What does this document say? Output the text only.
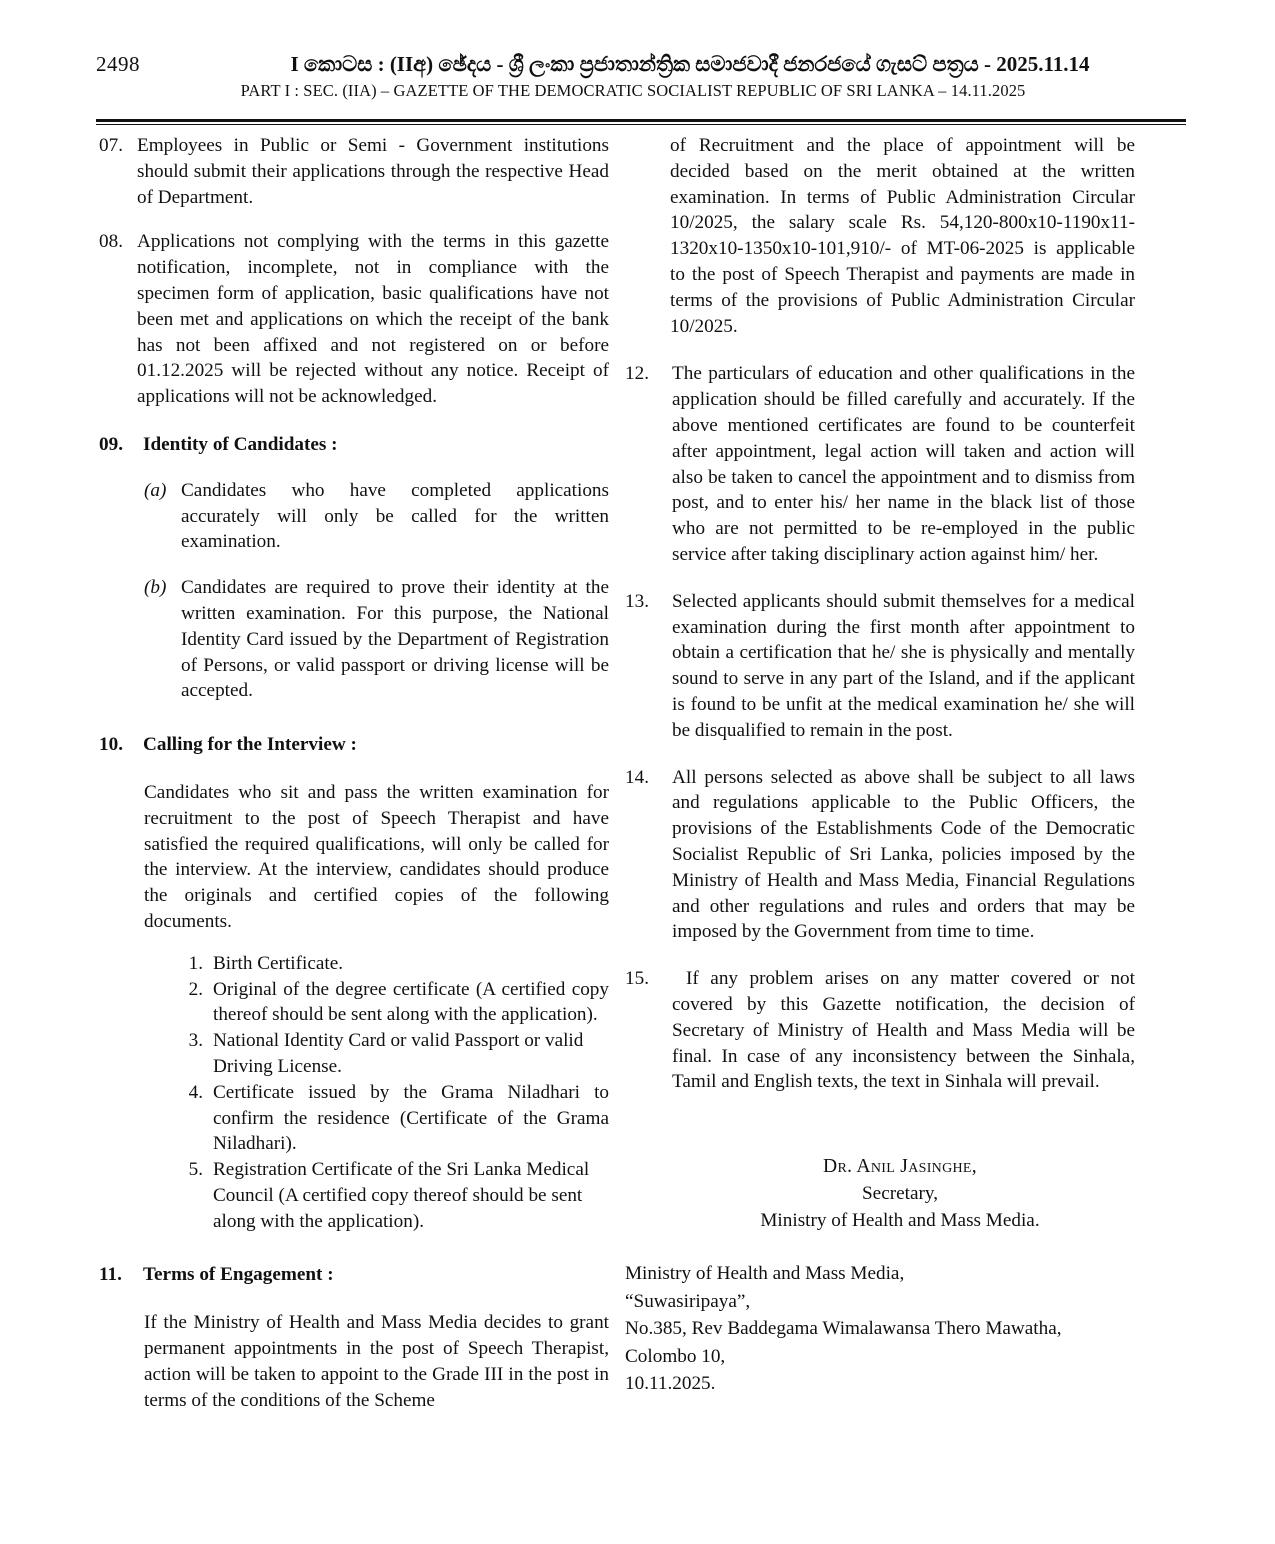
2498	I කොටස : (IIඅ) ඡේදය - ශ්‍රී ලංකා ප්‍රජාතාන්ත්‍රික සමාජවාදී ජනරජයේ ගැසට් පත්‍රය - 2025.11.14
PART I : SEC. (IIA) – GAZETTE OF THE DEMOCRATIC SOCIALIST REPUBLIC OF SRI LANKA – 14.11.2025
07. Employees in Public or Semi - Government institutions should submit their applications through the respective Head of Department.
08. Applications not complying with the terms in this gazette notification, incomplete, not in compliance with the specimen form of application, basic qualifications have not been met and applications on which the receipt of the bank has not been affixed and not registered on or before 01.12.2025 will be rejected without any notice. Receipt of applications will not be acknowledged.
09.	Identity of Candidates :
(a) Candidates who have completed applications accurately will only be called for the written examination.
(b) Candidates are required to prove their identity at the written examination. For this purpose, the National Identity Card issued by the Department of Registration of Persons, or valid passport or driving license will be accepted.
10.	Calling for the Interview :
Candidates who sit and pass the written examination for recruitment to the post of Speech Therapist and have satisfied the required qualifications, will only be called for the interview. At the interview, candidates should produce the originals and certified copies of the following documents.
1. Birth Certificate.
2. Original of the degree certificate (A certified copy thereof should be sent along with the application).
3. National Identity Card or valid Passport or valid Driving License.
4. Certificate issued by the Grama Niladhari to confirm the residence (Certificate of the Grama Niladhari).
5. Registration Certificate of the Sri Lanka Medical Council (A certified copy thereof should be sent along with the application).
11.	Terms of Engagement :
If the Ministry of Health and Mass Media decides to grant permanent appointments in the post of Speech Therapist, action will be taken to appoint to the Grade III in the post in terms of the conditions of the Scheme
of Recruitment and the place of appointment will be decided based on the merit obtained at the written examination. In terms of Public Administration Circular 10/2025, the salary scale Rs. 54,120-800x10-1190x11-1320x10-1350x10-101,910/- of MT-06-2025 is applicable to the post of Speech Therapist and payments are made in terms of the provisions of Public Administration Circular 10/2025.
12.	The particulars of education and other qualifications in the application should be filled carefully and accurately. If the above mentioned certificates are found to be counterfeit after appointment, legal action will taken and action will also be taken to cancel the appointment and to dismiss from post, and to enter his/ her name in the black list of those who are not permitted to be re-employed in the public service after taking disciplinary action against him/ her.
13.	Selected applicants should submit themselves for a medical examination during the first month after appointment to obtain a certification that he/ she is physically and mentally sound to serve in any part of the Island, and if the applicant is found to be unfit at the medical examination he/ she will be disqualified to remain in the post.
14.	All persons selected as above shall be subject to all laws and regulations applicable to the Public Officers, the provisions of the Establishments Code of the Democratic Socialist Republic of Sri Lanka, policies imposed by the Ministry of Health and Mass Media, Financial Regulations and other regulations and rules and orders that may be imposed by the Government from time to time.
15.	If any problem arises on any matter covered or not covered by this Gazette notification, the decision of Secretary of Ministry of Health and Mass Media will be final. In case of any inconsistency between the Sinhala, Tamil and English texts, the text in Sinhala will prevail.
Dr. Anil Jasinghe,
Secretary,
Ministry of Health and Mass Media.
Ministry of Health and Mass Media,
“Suwasiripaya”,
No.385, Rev Baddegama Wimalawansa Thero Mawatha,
Colombo 10,
10.11.2025.
